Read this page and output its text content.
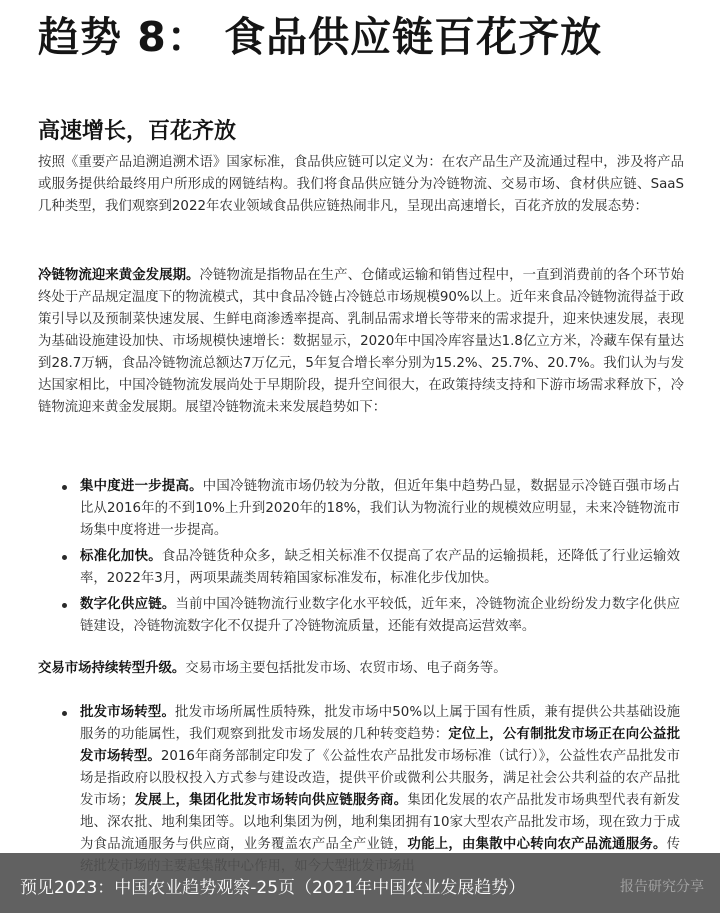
趋势 8： 食品供应链百花齐放
高速增长，百花齐放

按照《重要产品追溯追溯术语》国家标准，食品供应链可以定义为：在农产品生产及流通过程中，涉及将产品或服务提供给最终用户所形成的网链结构。我们将食品供应链分为冷链物流、交易市场、食材供应链、SaaS几种类型，我们观察到2022年农业领域食品供应链热闹非凡，呈现出高速增长，百花齐放的发展态势：

冷链物流迎来黄金发展期。冷链物流是指物品在生产、仓储或运输和销售过程中，一直到消费前的各个环节始终处于产品规定温度下的物流模式，其中食品冷链占冷链总市场规模90%以上。近年来食品冷链物流得益于政策引导以及预制菜快速发展、生鲜电商渗透率提高、乳制品需求增长等带来的需求提升，迎来快速发展，表现为基础设施建设加快、市场规模快速增长：数据显示，2020年中国冷库容量达1.8亿立方米，冷藏车保有量达到28.7万辆，食品冷链物流总额达7万亿元，5年复合增长率分别为15.2%、25.7%、20.7%。我们认为与发达国家相比，中国冷链物流发展尚处于早期阶段，提升空间很大，在政策持续支持和下游市场需求释放下，冷链物流迎来黄金发展期。展望冷链物流未来发展趋势如下：

集中度进一步提高。中国冷链物流市场仍较为分散，但近年集中趋势凸显，数据显示冷链百强市场占比从2016年的不到10%上升到2020年的18%，我们认为物流行业的规模效应明显，未来冷链物流市场集中度将进一步提高。

标准化加快。食品冷链货种众多，缺乏相关标准不仅提高了农产品的运输损耗，还降低了行业运输效率，2022年3月，两项果蔬类周转箱国家标准发布，标准化步伐加快。

数字化供应链。当前中国冷链物流行业数字化水平较低，近年来，冷链物流企业纷纷发力数字化供应链建设，冷链物流数字化不仅提升了冷链物流质量，还能有效提高运营效率。

交易市场持续转型升级。交易市场主要包括批发市场、农贸市场、电子商务等。

批发市场转型。批发市场所属性质特殊，批发市场中50%以上属于国有性质，兼有提供公共基础设施服务的功能属性，我们观察到批发市场发展的几种转变趋势：定位上，公有制批发市场正在向公益批发市场转型。2016年商务部制定印发了《公益性农产品批发市场标准（试行）》，公益性农产品批发市场是指政府以股权投入方式参与建设改造，提供平价或微利公共服务，满足社会公共利益的农产品批发市场；发展上，集团化批发市场转向供应链服务商。集团化发展的农产品批发市场典型代表有新发地、深农批、地利集团等。以地利集团为例，地利集团拥有10家大型农产品批发市场，现在致力于成为食品流通服务与供应商，业务覆盖农产品全产业链，功能上，由集散中心转向农产品流通服务。传

预见2023：中国农业趋势观察-25页（2021年中国农业发展趋势）	报告研究分享
